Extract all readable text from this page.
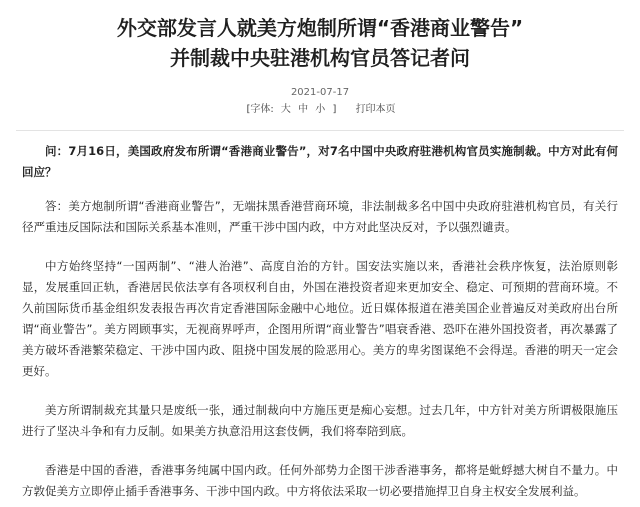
外交部发言人就美方炮制所谓“香港商业警告”
并制裁中央驻港机构官员答记者问
2021-07-17
[字体: 大 中 小 ] 打印本页

问：7月16日，美国政府发布所谓“香港商业警告”，对7名中国中央政府驻港机构官员实施制裁。中方对此有何回应？

答：美方炮制所谓“香港商业警告”，无端抹黑香港营商环境，非法制裁多名中国中央政府驻港机构官员，有关行径严重违反国际法和国际关系基本准则，严重干涉中国内政，中方对此坚决反对，予以强烈谴责。

中方始终坚持“一国两制”、“港人治港”、高度自治的方针。国安法实施以来，香港社会秩序恢复，法治原则彰显，发展重回正轨，香港居民依法享有各项权利自由，外国在港投资者迎来更加安全、稳定、可预期的营商环境。不久前国际货币基金组织发表报告再次肯定香港国际金融中心地位。近日媒体报道在港美国企业普遍反对美政府出台所谓“商业警告”。美方罔顾事实，无视商界呼声，企图用所谓“商业警告”唱衰香港、恐吓在港外国投资者，再次暴露了美方破坏香港繁荣稳定、干涉中国内政、阻挠中国发展的险恶用心。美方的卑劣图谋绝不会得逞。香港的明天一定会更好。

美方所谓制裁充其量只是废纸一张，通过制裁向中方施压更是痴心妄想。过去几年，中方针对美方所谓极限施压进行了坚决斗争和有力反制。如果美方执意沿用这套伎俩，我们将奉陪到底。

香港是中国的香港，香港事务纯属中国内政。任何外部势力企图干涉香港事务，都将是蚍蜉撼大树自不量力。中方敦促美方立即停止插手香港事务、干涉中国内政。中方将依法采取一切必要措施捍卫自身主权安全发展利益。
